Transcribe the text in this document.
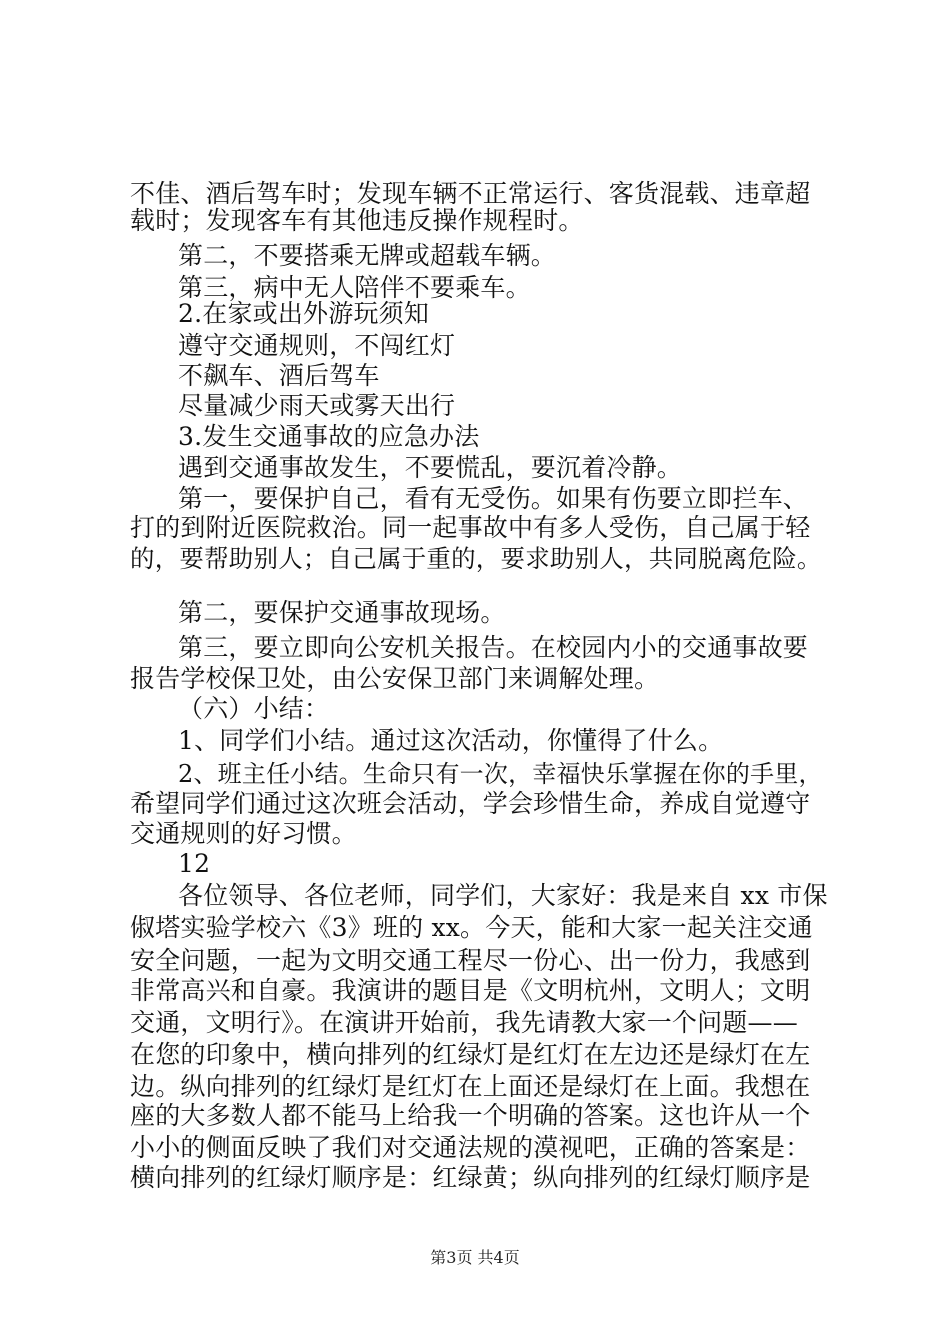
不佳、酒后驾车时；发现车辆不正常运行、客货混载、违章超
载时；发现客车有其他违反操作规程时。
第二，不要搭乘无牌或超载车辆。
第三，病中无人陪伴不要乘车。
2.在家或出外游玩须知
遵守交通规则，不闯红灯
不飙车、酒后驾车
尽量减少雨天或雾天出行
3.发生交通事故的应急办法
遇到交通事故发生，不要慌乱，要沉着冷静。
第一，要保护自己，看有无受伤。如果有伤要立即拦车、
打的到附近医院救治。同一起事故中有多人受伤，自己属于轻
的，要帮助别人；自己属于重的，要求助别人，共同脱离危险。
第二，要保护交通事故现场。
第三，要立即向公安机关报告。在校园内小的交通事故要
报告学校保卫处，由公安保卫部门来调解处理。
（六）小结：
1、同学们小结。通过这次活动，你懂得了什么。
2、班主任小结。生命只有一次，幸福快乐掌握在你的手里，
希望同学们通过这次班会活动，学会珍惜生命，养成自觉遵守
交通规则的好习惯。
12
各位领导、各位老师，同学们，大家好：我是来自 xx 市保
俶塔实验学校六《3》班的 xx。今天，能和大家一起关注交通
安全问题，一起为文明交通工程尽一份心、出一份力，我感到
非常高兴和自豪。我演讲的题目是《文明杭州，文明人；文明
交通，文明行》。在演讲开始前，我先请教大家一个问题——
在您的印象中，横向排列的红绿灯是红灯在左边还是绿灯在左
边。纵向排列的红绿灯是红灯在上面还是绿灯在上面。我想在
座的大多数人都不能马上给我一个明确的答案。这也许从一个
小小的侧面反映了我们对交通法规的漠视吧，正确的答案是：
横向排列的红绿灯顺序是：红绿黄；纵向排列的红绿灯顺序是
第3页 共4页
